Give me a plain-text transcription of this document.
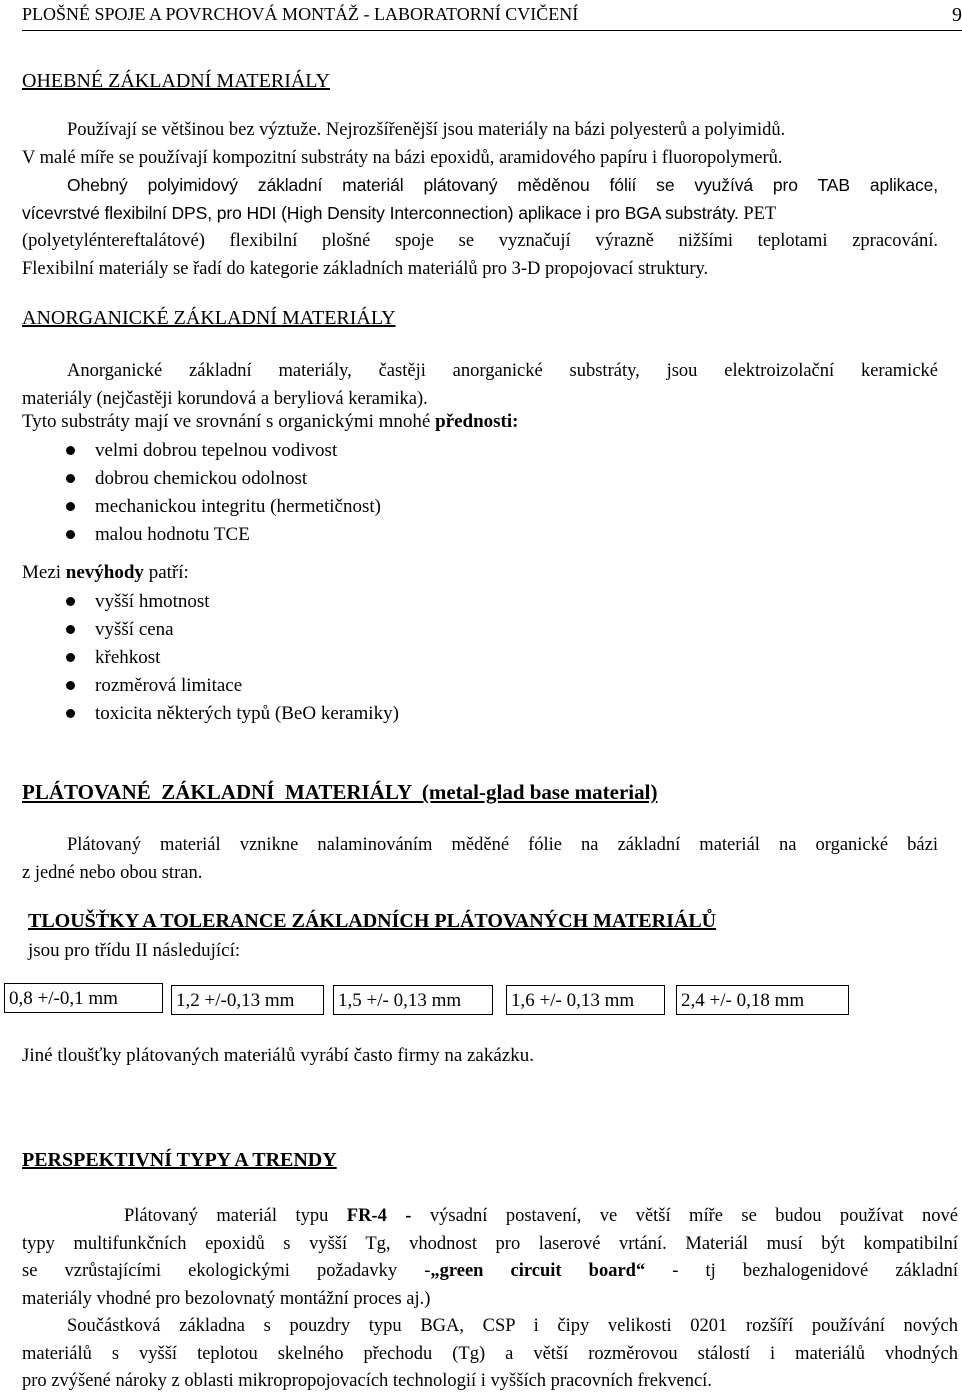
PLOŠNÉ SPOJE A POVRCHOVÁ MONTÁŽ - LABORATORNÍ CVIČENÍ	9
OHEBNÉ ZÁKLADNÍ MATERIÁLY
Používají se většinou bez výztuže. Nejrozšířenější jsou materiály na bázi polyesterů a polyimidů.
V malé míře se používají kompozitní substráty na bázi epoxidů, aramidového papíru i fluoropolymerů.
Ohebný polyimidový základní materiál plátovaný měděnou fólií se využívá pro TAB aplikace,
vícevrstvé flexibilní DPS, pro HDI (High Density Interconnection) aplikace i pro BGA substráty. PET
(polyetyléntereftalátové) flexibilní plošné spoje se vyznačují výrazně nižšími teplotami zpracování.
Flexibilní materiály se řadí do kategorie základních materiálů pro 3-D propojovací struktury.
ANORGANICKÉ ZÁKLADNÍ MATERIÁLY
Anorganické základní materiály, častěji anorganické substráty, jsou elektroizolační keramické
materiály (nejčastěji korundová a beryliová keramika).
Tyto substráty mají ve srovnání s organickými mnohé přednosti:
velmi dobrou tepelnou vodivost
dobrou chemickou odolnost
mechanickou integritu (hermetičnost)
malou hodnotu TCE
Mezi nevýhody patří:
vyšší hmotnost
vyšší cena
křehkost
rozměrová limitace
toxicita některých typů (BeO keramiky)
PLÁTOVANÉ  ZÁKLADNÍ  MATERIÁLY  (metal-glad base material)
Plátovaný materiál vznikne nalaminováním měděné fólie na základní materiál na organické bázi
z jedné nebo obou stran.
TLOUŠŤKY A TOLERANCE ZÁKLADNÍCH PLÁTOVANÝCH MATERIÁLŮ
jsou pro třídu II následující:
0,8 +/-0,1 mm	1,2 +/-0,13 mm	1,5 +/- 0,13 mm	1,6 +/- 0,13 mm	2,4 +/- 0,18 mm
Jiné tloušťky plátovaných materiálů vyrábí často firmy na zakázku.
PERSPEKTIVNÍ TYPY A TRENDY
Plátovaný materiál typu FR-4 - výsadní postavení, ve větší míře se budou používat nové
typy multifunkčních epoxidů s vyšší Tg, vhodnost pro laserové vrtání. Materiál musí být kompatibilní
se vzrůstajícími ekologickými požadavky -„green circuit board“ - tj bezhalogenidové základní
materiály vhodné pro bezolovnatý montážní proces aj.)
Součástková základna s pouzdry typu BGA, CSP i čipy velikosti 0201 rozšíří používání nových
materiálů s vyšší teplotou skelného přechodu (Tg) a větší rozměrovou stálostí i materiálů vhodných
pro zvýšené nároky z oblasti mikropropojovacích technologií i vyšších pracovních frekvencí.
